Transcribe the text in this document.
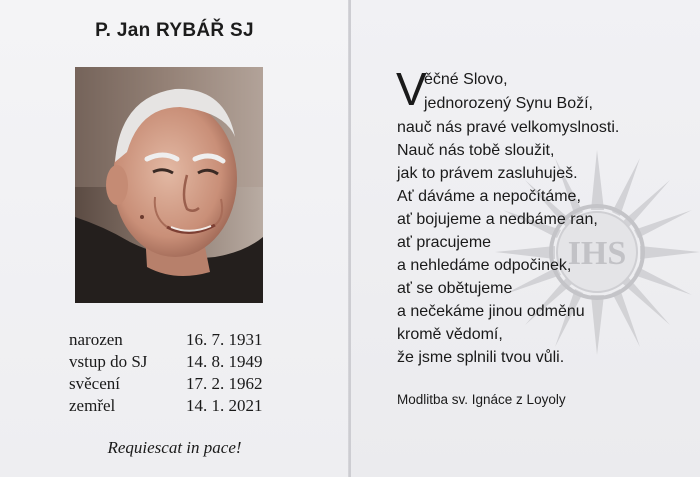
P. Jan RYBÁŘ SJ
narozen	16. 7. 1931
vstup do SJ 14. 8. 1949
svěcení	17. 2. 1962
zemřel	14. 1. 2021
Requiescat in pace!
IHS
V
ěčné Slovo,
jednorozený Synu Boží,
nauč nás pravé velkomyslnosti.
Nauč nás tobě sloužit,
jak to právem zasluhuješ.
Ať dáváme a nepočítáme,
ať bojujeme a nedbáme ran,
ať pracujeme
a nehledáme odpočinek,
ať se obětujeme
a nečekáme jinou odměnu
kromě vědomí,
že jsme splnili tvou vůli.
Modlitba sv. Ignáce z Loyoly
